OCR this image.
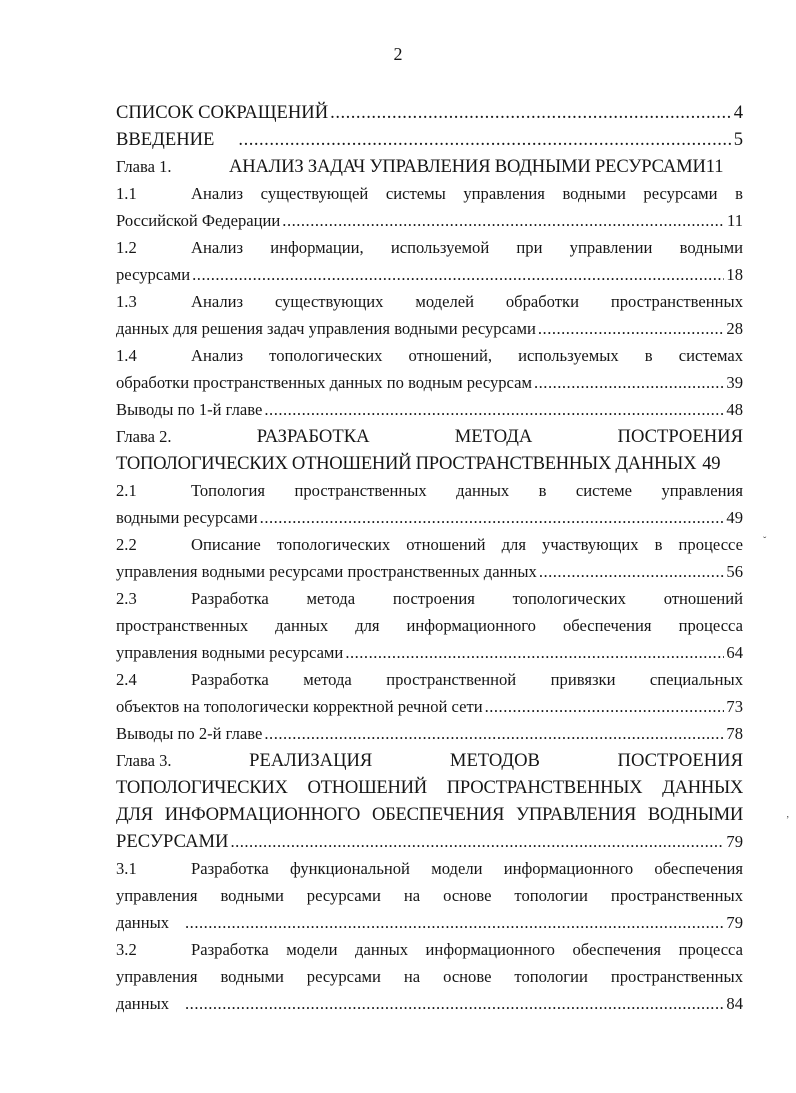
2
ˇ
ʼ
СПИСОК СОКРАЩЕНИЙ .....	4
ВВЕДЕНИЕ .....	5
Глава 1.	АНАЛИЗ ЗАДАЧ УПРАВЛЕНИЯ ВОДНЫМИ РЕСУРСАМИ 11
1.1	Анализ существующей системы управления водными ресурсами в
Российской Федерации .....	11
1.2	Анализ информации, используемой при управлении водными
ресурсами .....	18
1.3	Анализ существующих моделей обработки пространственных
данных для решения задач управления водными ресурсами .....	28
1.4	Анализ топологических отношений, используемых в системах
обработки пространственных данных по водным ресурсам .....	39
Выводы по 1-й главе .....	48
Глава 2.	РАЗРАБОТКА	МЕТОДА	ПОСТРОЕНИЯ
ТОПОЛОГИЧЕСКИХ ОТНОШЕНИЙ ПРОСТРАНСТВЕННЫХ ДАННЫХ 49
2.1	Топология пространственных данных в системе управления
водными ресурсами .....	49
2.2	Описание топологических отношений для участвующих в процессе
управления водными ресурсами пространственных данных .....	56
2.3	Разработка метода построения топологических отношений
пространственных данных для информационного обеспечения процесса
управления водными ресурсами .....	64
2.4	Разработка метода пространственной привязки специальных
объектов на топологически корректной речной сети .....	73
Выводы по 2-й главе .....	78
Глава 3.	РЕАЛИЗАЦИЯ	МЕТОДОВ	ПОСТРОЕНИЯ
ТОПОЛОГИЧЕСКИХ ОТНОШЕНИЙ ПРОСТРАНСТВЕННЫХ ДАННЫХ
ДЛЯ ИНФОРМАЦИОННОГО ОБЕСПЕЧЕНИЯ УПРАВЛЕНИЯ ВОДНЫМИ
РЕСУРСАМИ .....	79
3.1	Разработка функциональной модели информационного обеспечения
управления водными ресурсами на основе топологии пространственных
данных .....	79
3.2	Разработка модели данных информационного обеспечения процесса
управления водными ресурсами на основе топологии пространственных
данных .....	84
